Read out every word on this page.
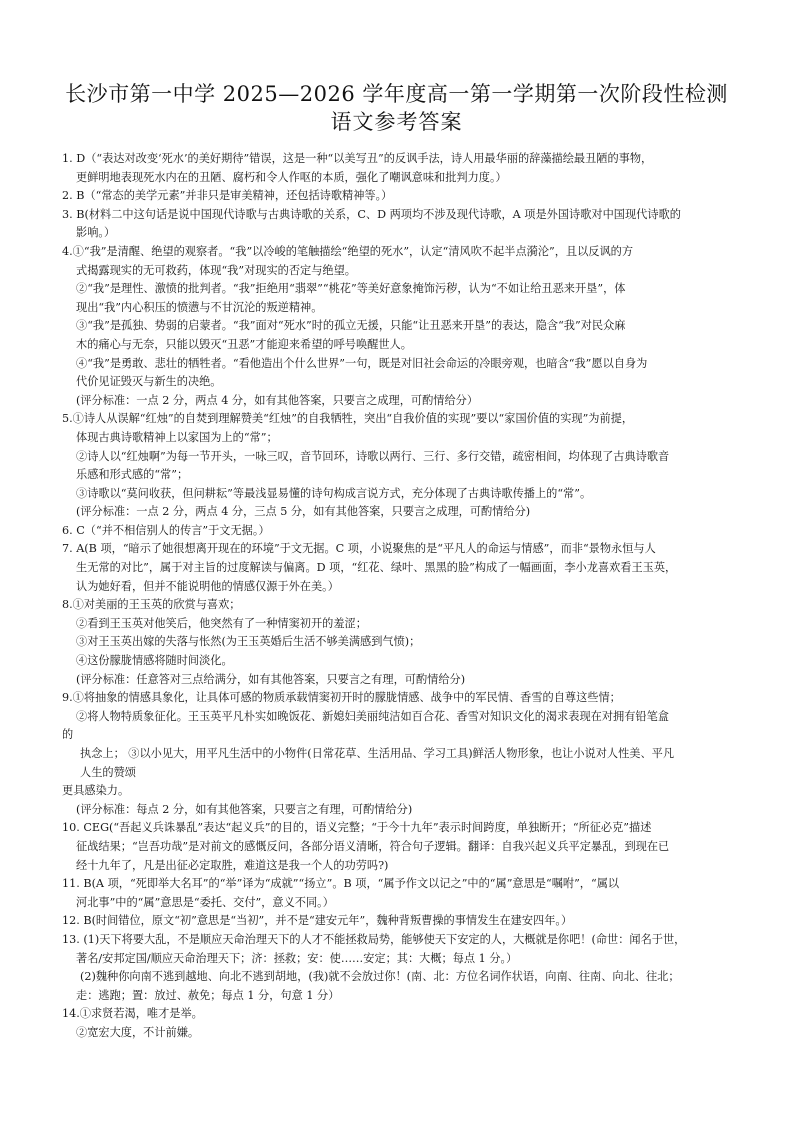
长沙市第一中学 2025—2026 学年度高一第一学期第一次阶段性检测
语文参考答案
1. D（“表达对改变‘死水’的美好期待”错误，这是一种“以美写丑”的反讽手法，诗人用最华丽的辞藻描绘最丑陋的事物，
更鲜明地表现死水内在的丑陋、腐朽和令人作呕的本质，强化了嘲讽意味和批判力度。）
2. B（“常态的美学元素”并非只是审美精神，还包括诗歌精神等。）
3. B(材料二中这句话是说中国现代诗歌与古典诗歌的关系，C、D 两项均不涉及现代诗歌，A 项是外国诗歌对中国现代诗歌的
影响。）
4.①“我”是清醒、绝望的观察者。“我”以冷峻的笔触描绘“绝望的死水”，认定“清风吹不起半点漪沦”，且以反讽的方
式揭露现实的无可救药，体现“我”对现实的否定与绝望。
②“我”是理性、激愤的批判者。“我”拒绝用“翡翠”“桃花”等美好意象掩饰污秽，认为“不如让给丑恶来开垦”，体
现出“我”内心积压的愤懑与不甘沉沦的叛逆精神。
③“我”是孤独、势弱的启蒙者。“我”面对“死水”时的孤立无援，只能“让丑恶来开垦”的表达，隐含“我”对民众麻
木的痛心与无奈，只能以毁灭“丑恶”才能迎来希望的呼号唤醒世人。
④“我”是勇敢、悲壮的牺牲者。“看他造出个什么世界”一句，既是对旧社会命运的冷眼旁观，也暗含“我”愿以自身为
代价见证毁灭与新生的决绝。
(评分标准：一点 2 分，两点 4 分，如有其他答案，只要言之成理，可酌情给分）
5.①诗人从误解“红烛”的自焚到理解赞美“红烛”的自我牺牲，突出“自我价值的实现”要以“家国价值的实现”为前提，
体现古典诗歌精神上以家国为上的“常”；
②诗人以“红烛啊”为每一节开头，一咏三叹，音节回环，诗歌以两行、三行、多行交错，疏密相间，均体现了古典诗歌音
乐感和形式感的“常”；
③诗歌以“莫问收获，但问耕耘”等最浅显易懂的诗句构成言说方式，充分体现了古典诗歌传播上的“常”。
(评分标准：一点 2 分，两点 4 分，三点 5 分，如有其他答案，只要言之成理，可酌情给分)
6. C（“并不相信别人的传言”于文无据。）
7. A(B 项，“暗示了她很想离开现在的环境”于文无据。C 项，小说聚焦的是“平凡人的命运与情感”，而非“景物永恒与人
生无常的对比”，属于对主旨的过度解读与偏离。D 项，“红花、绿叶、黑黑的脸”构成了一幅画面，李小龙喜欢看王玉英，
认为她好看，但并不能说明他的情感仅源于外在美。）
8.①对美丽的王玉英的欣赏与喜欢；
②看到王玉英对他笑后，他突然有了一种情窦初开的羞涩；
③对王玉英出嫁的失落与怅然(为王玉英婚后生活不够美满感到气愤)；
④这份朦胧情感将随时间淡化。
(评分标准：任意答对三点给满分，如有其他答案，只要言之有理，可酌情给分)
9.①将抽象的情感具象化，让具体可感的物质承载情窦初开时的朦胧情感、战争中的军民情、香雪的自尊这些情；
②将人物特质象征化。王玉英平凡朴实如晚饭花、新媳妇美丽纯洁如百合花、香雪对知识文化的渴求表现在对拥有铅笔盒
的
执念上； ③以小见大，用平凡生活中的小物件(日常花草、生活用品、学习工具)鲜活人物形象，也让小说对人性美、平凡
人生的赞颂
更具感染力。
(评分标准：每点 2 分，如有其他答案，只要言之有理，可酌情给分)
10. CEG(“吾起义兵诛暴乱”表达“起义兵”的目的，语义完整；“于今十九年”表示时间跨度，单独断开；“所征必克”描述
征战结果；“岂吾功哉”是对前文的感慨反问，各部分语义清晰，符合句子逻辑。翻译：自我兴起义兵平定暴乱，到现在已
经十九年了，凡是出征必定取胜，难道这是我一个人的功劳吗?)
11. B(A 项，“死即举大名耳”的“举”译为“成就”“扬立”。B 项，“属予作文以记之”中的“属”意思是“嘱咐”，“属以
河北事”中的“属”意思是“委托、交付”，意义不同。）
12. B(时间错位，原文“初”意思是“当初”，并不是“建安元年”，魏种背叛曹操的事情发生在建安四年。）
13. (1)天下将要大乱，不是顺应天命治理天下的人才不能拯救局势，能够使天下安定的人，大概就是你吧！(命世：闻名于世，
著名/安邦定国/顺应天命治理天下；济：拯救；安：使……安定；其：大概；每点 1 分。）
(2)魏种你向南不逃到越地、向北不逃到胡地，(我)就不会放过你！(南、北：方位名词作状语，向南、往南、向北、往北；
走：逃跑；置：放过、赦免；每点 1 分，句意 1 分）
14.①求贤若渴，唯才是举。
②宽宏大度，不计前嫌。
